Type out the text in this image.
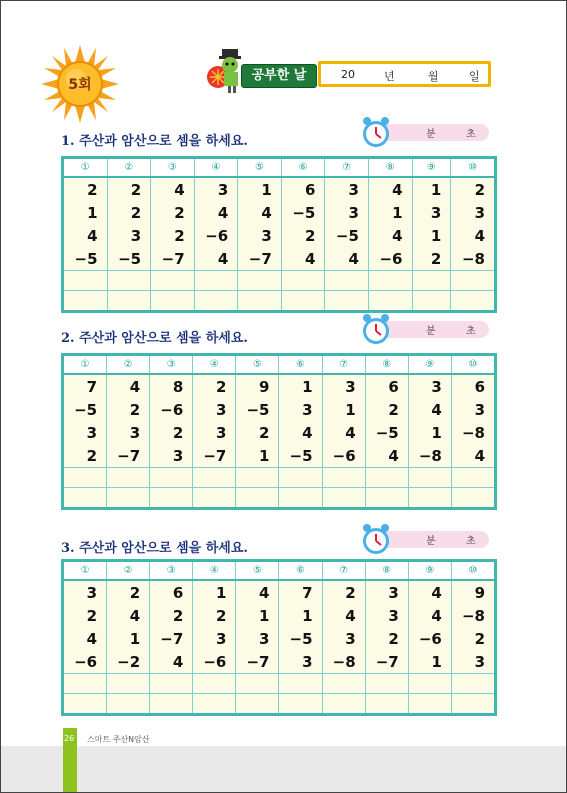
5회
공부한 날	20	년	월	일
1. 주산과 암산으로 셈을 하세요.	분	초
①	②	③	④	⑤	⑥	⑦	⑧	⑨	⑩
2	2	4	3	1	6	3	4	1	2
1	2	2	4	4	−5	3	1	3	3
4	3	2	−6	3	2	−5	4	1	4
−5	−5	−7	4	−7	4	4	−6	2	−8

2. 주산과 암산으로 셈을 하세요.	분	초
①	②	③	④	⑤	⑥	⑦	⑧	⑨	⑩
7	4	8	2	9	1	3	6	3	6
−5	2	−6	3	−5	3	1	2	4	3
3	3	2	3	2	4	4	−5	1	−8
2	−7	3	−7	1	−5	−6	4	−8	4

3. 주산과 암산으로 셈을 하세요.	분	초
①	②	③	④	⑤	⑥	⑦	⑧	⑨	⑩
3	2	6	1	4	7	2	3	4	9
2	4	2	2	1	1	4	3	4	−8
4	1	−7	3	3	−5	3	2	−6	2
−6	−2	4	−6	−7	3	−8	−7	1	3

26 스마트 주산N암산
